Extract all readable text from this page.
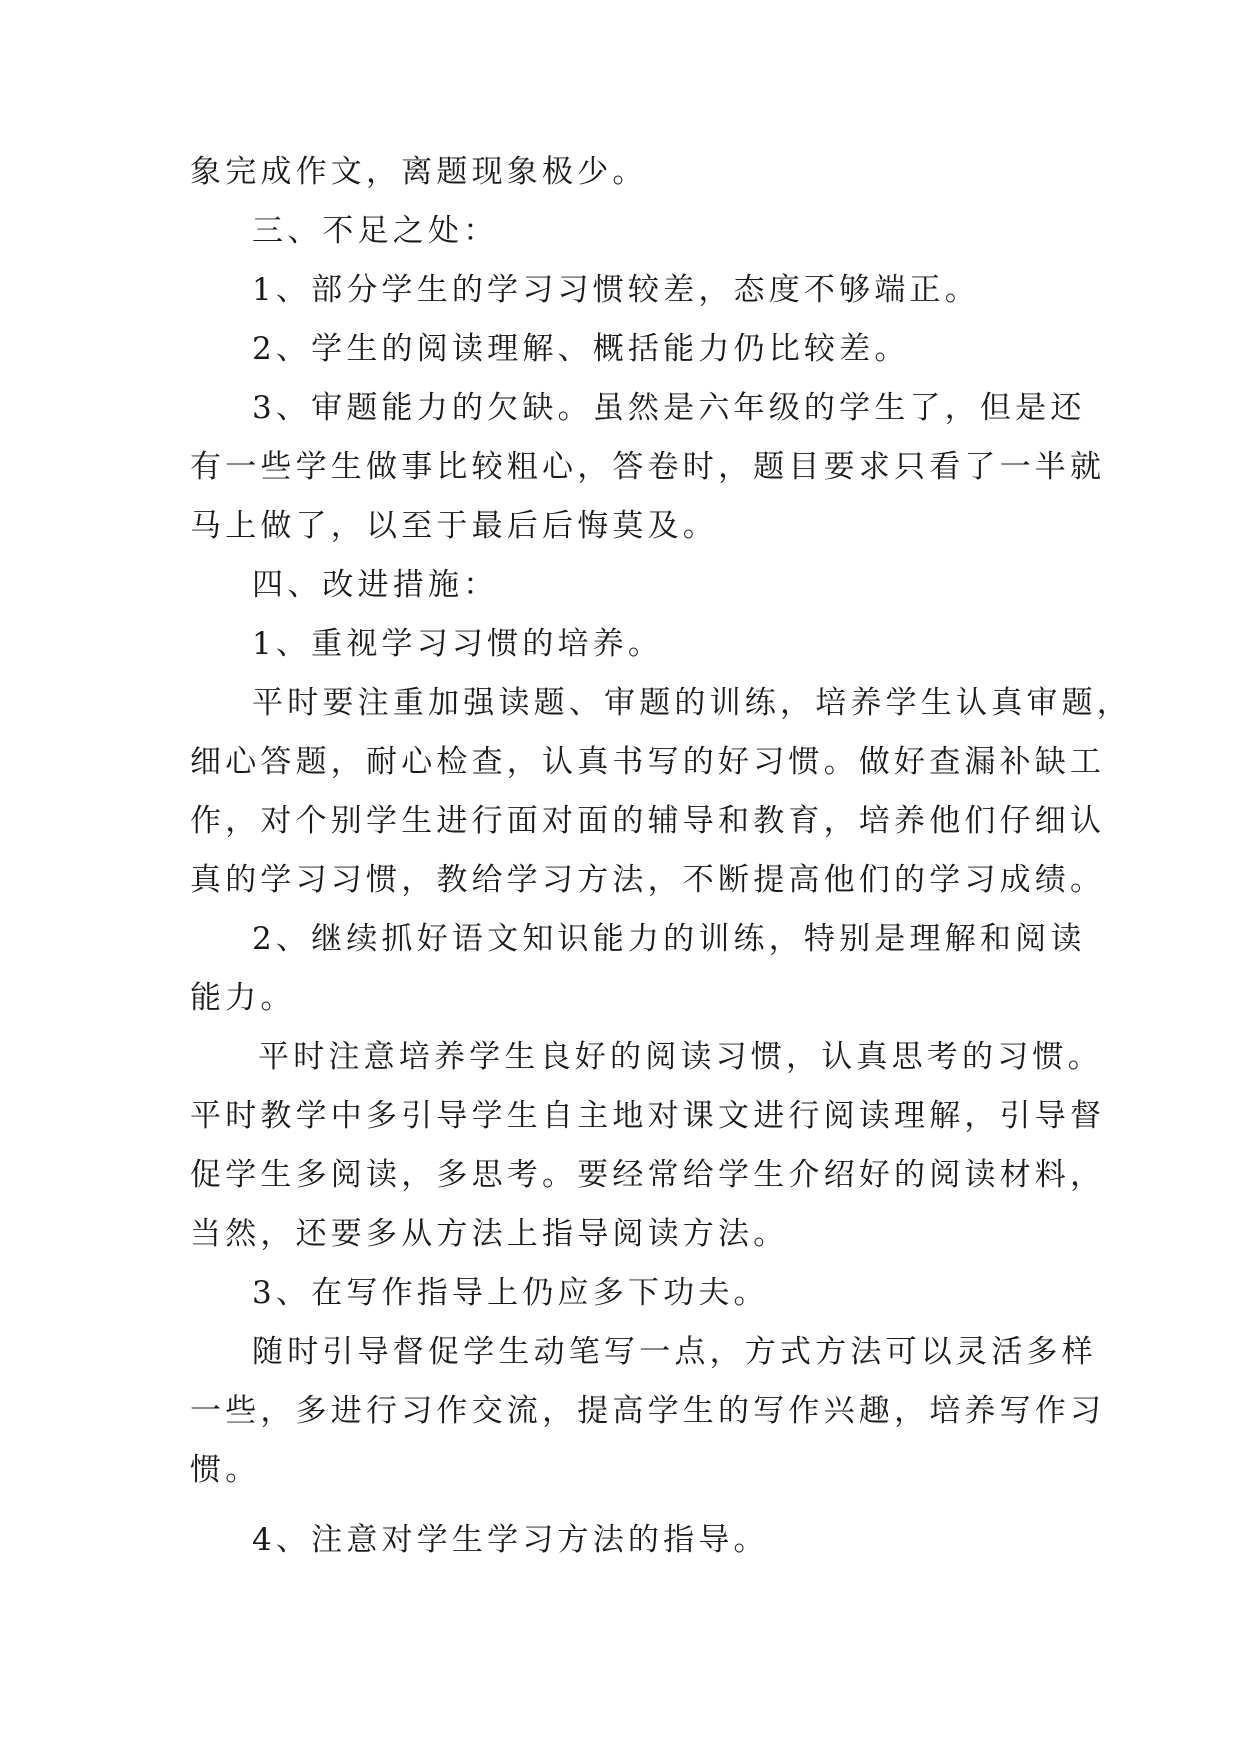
象完成作文，离题现象极少。
三、不足之处：
1、部分学生的学习习惯较差，态度不够端正。
2、学生的阅读理解、概括能力仍比较差。
3、审题能力的欠缺。虽然是六年级的学生了，但是还
有一些学生做事比较粗心，答卷时，题目要求只看了一半就
马上做了，以至于最后后悔莫及。
四、改进措施：
1、重视学习习惯的培养。
平时要注重加强读题、审题的训练，培养学生认真审题，
细心答题，耐心检查，认真书写的好习惯。做好查漏补缺工
作，对个别学生进行面对面的辅导和教育，培养他们仔细认
真的学习习惯，教给学习方法，不断提高他们的学习成绩。
2、继续抓好语文知识能力的训练，特别是理解和阅读
能力。
平时注意培养学生良好的阅读习惯，认真思考的习惯。
平时教学中多引导学生自主地对课文进行阅读理解，引导督
促学生多阅读，多思考。要经常给学生介绍好的阅读材料，
当然，还要多从方法上指导阅读方法。
3、在写作指导上仍应多下功夫。
随时引导督促学生动笔写一点，方式方法可以灵活多样
一些，多进行习作交流，提高学生的写作兴趣，培养写作习
惯。
4、注意对学生学习方法的指导。
